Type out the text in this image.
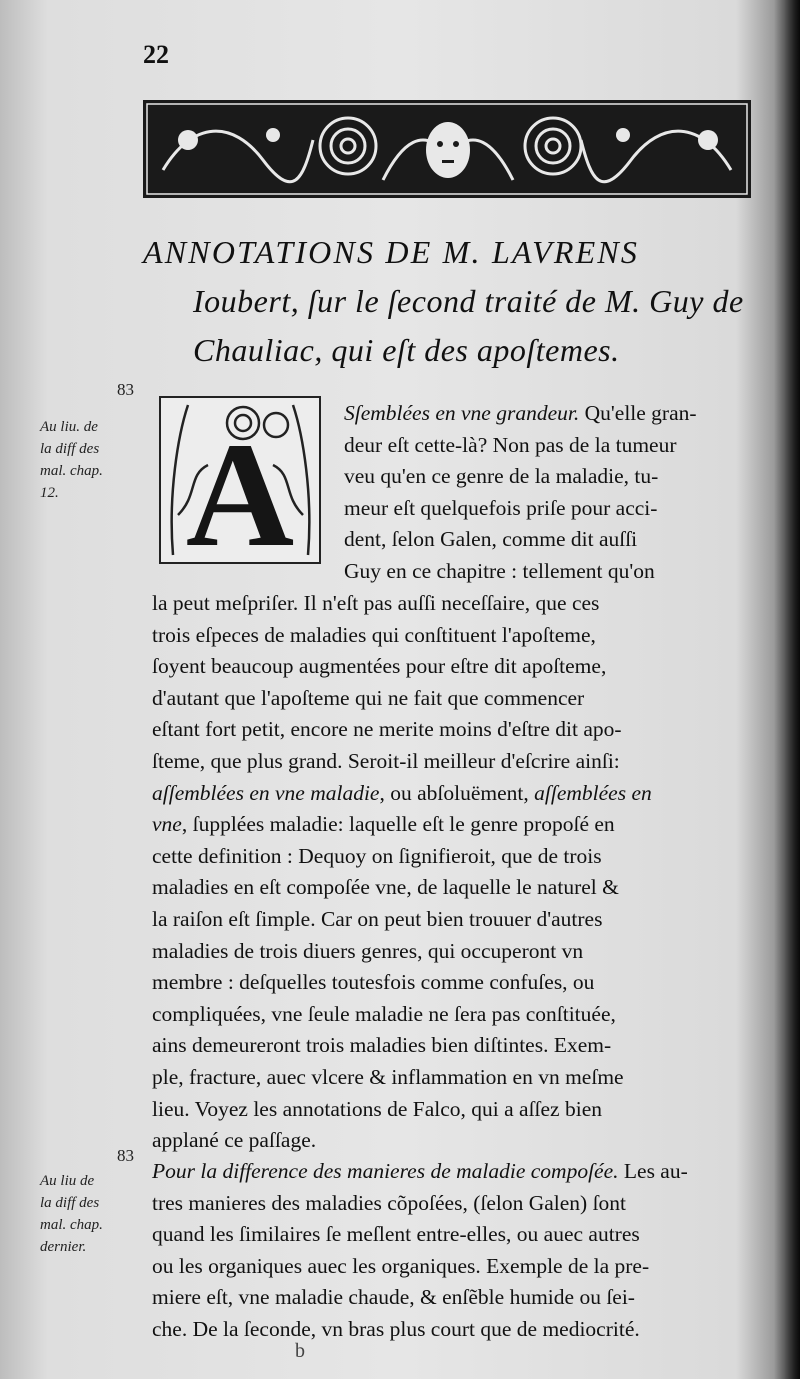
22
ANNOTATIONS DE M. LAVRENS
Ioubert, ſur le ſecond traité de M. Guy de
Chauliac, qui eſt des apoſtemes.
83
Au liu. de
la diff des
mal. chap.
12. A Sſemblées en vne grandeur. Qu'elle gran-
deur eſt cette-là? Non pas de la tumeur
veu qu'en ce genre de la maladie, tu-
meur eſt quelquefois priſe pour acci-
dent, ſelon Galen, comme dit auſſi
Guy en ce chapitre : tellement qu'on
la peut meſpriſer. Il n'eſt pas auſſi neceſſaire, que ces
trois eſpeces de maladies qui conſtituent l'apoſteme,
ſoyent beaucoup augmentées pour eſtre dit apoſteme,
d'autant que l'apoſteme qui ne fait que commencer
eſtant fort petit, encore ne merite moins d'eſtre dit apo-
ſteme, que plus grand. Seroit-il meilleur d'eſcrire ainſi:
aſſemblées en vne maladie, ou abſoluëment, aſſemblées en
vne, ſupplées maladie: laquelle eſt le genre propoſé en
cette definition : Dequoy on ſignifieroit, que de trois
maladies en eſt compoſée vne, de laquelle le naturel &
la raiſon eſt ſimple. Car on peut bien trouuer d'autres
maladies de trois diuers genres, qui occuperont vn
membre : deſquelles toutesfois comme confuſes, ou
compliquées, vne ſeule maladie ne ſera pas conſtituée,
ains demeureront trois maladies bien diſtintes. Exem-
ple, fracture, auec vlcere & inflammation en vn meſme
lieu. Voyez les annotations de Falco, qui a aſſez bien
applané ce paſſage.
83
Au liu de
la diff des
mal. chap.
dernier.
Pour la difference des manieres de maladie compoſée. Les au-
tres manieres des maladies cõpoſées, (ſelon Galen) ſont
quand les ſimilaires ſe meſlent entre-elles, ou auec autres
ou les organiques auec les organiques. Exemple de la pre-
miere eſt, vne maladie chaude, & enſẽble humide ou ſei-
che. De la ſeconde, vn bras plus court que de mediocrité.
b
